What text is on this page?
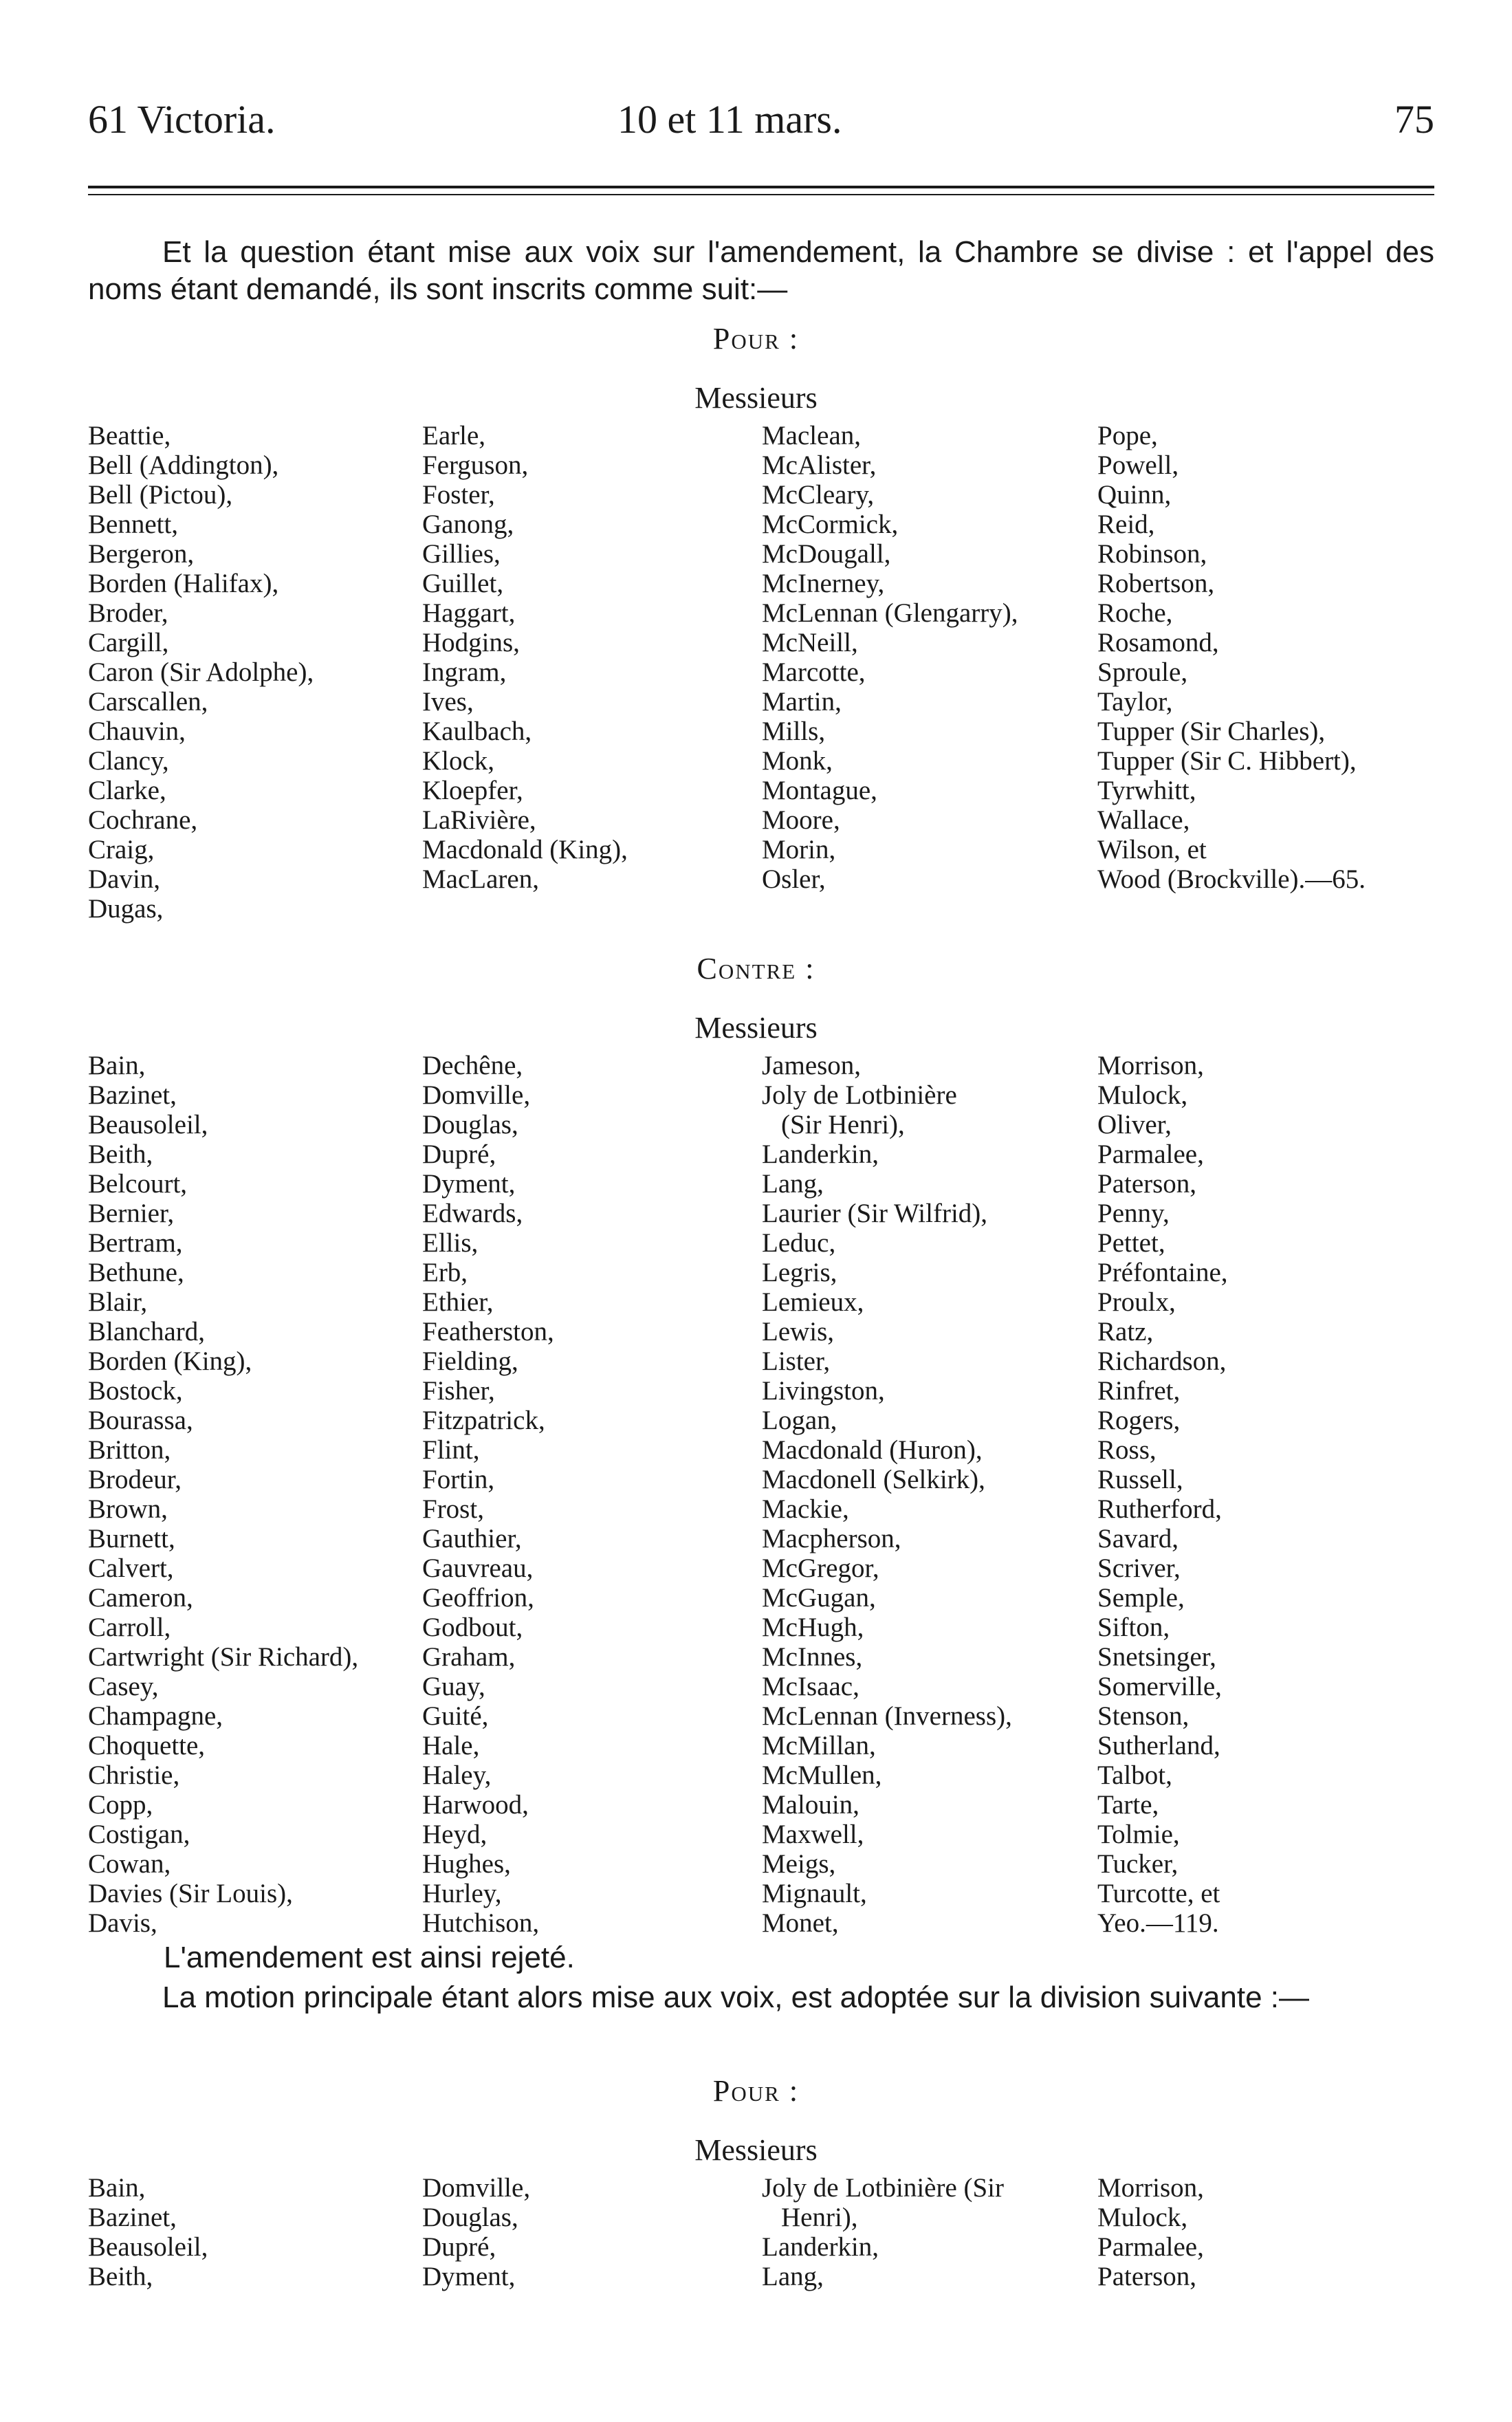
61 Victoria.	10 et 11 mars.	75
Et la question étant mise aux voix sur l'amendement, la Chambre se divise : et l'appel des noms étant demandé, ils sont inscrits comme suit:—
Pour :
Messieurs
Beattie,
Bell (Addington),
Bell (Pictou),
Bennett,
Bergeron,
Borden (Halifax),
Broder,
Cargill,
Caron (Sir Adolphe),
Carscallen,
Chauvin,
Clancy,
Clarke,
Cochrane,
Craig,
Davin,
Dugas,
Earle,
Ferguson,
Foster,
Ganong,
Gillies,
Guillet,
Haggart,
Hodgins,
Ingram,
Ives,
Kaulbach,
Klock,
Kloepfer,
LaRivière,
Macdonald (King),
MacLaren,
Maclean,
McAlister,
McCleary,
McCormick,
McDougall,
McInerney,
McLennan (Glengarry),
McNeill,
Marcotte,
Martin,
Mills,
Monk,
Montague,
Moore,
Morin,
Osler,
Pope,
Powell,
Quinn,
Reid,
Robinson,
Robertson,
Roche,
Rosamond,
Sproule,
Taylor,
Tupper (Sir Charles),
Tupper (Sir C. Hibbert),
Tyrwhitt,
Wallace,
Wilson, et
Wood (Brockville).—65.
Contre :
Messieurs
Bain,
Bazinet,
Beausoleil,
Beith,
Belcourt,
Bernier,
Bertram,
Bethune,
Blair,
Blanchard,
Borden (King),
Bostock,
Bourassa,
Britton,
Brodeur,
Brown,
Burnett,
Calvert,
Cameron,
Carroll,
Cartwright (Sir Richard),
Casey,
Champagne,
Choquette,
Christie,
Copp,
Costigan,
Cowan,
Davies (Sir Louis),
Davis,
Dechêne,
Domville,
Douglas,
Dupré,
Dyment,
Edwards,
Ellis,
Erb,
Ethier,
Featherston,
Fielding,
Fisher,
Fitzpatrick,
Flint,
Fortin,
Frost,
Gauthier,
Gauvreau,
Geoffrion,
Godbout,
Graham,
Guay,
Guité,
Hale,
Haley,
Harwood,
Heyd,
Hughes,
Hurley,
Hutchison,
Jameson,
Joly de Lotbinière
(Sir Henri),
Landerkin,
Lang,
Laurier (Sir Wilfrid),
Leduc,
Legris,
Lemieux,
Lewis,
Lister,
Livingston,
Logan,
Macdonald (Huron),
Macdonell (Selkirk),
Mackie,
Macpherson,
McGregor,
McGugan,
McHugh,
McInnes,
McIsaac,
McLennan (Inverness),
McMillan,
McMullen,
Malouin,
Maxwell,
Meigs,
Mignault,
Monet,
Morrison,
Mulock,
Oliver,
Parmalee,
Paterson,
Penny,
Pettet,
Préfontaine,
Proulx,
Ratz,
Richardson,
Rinfret,
Rogers,
Ross,
Russell,
Rutherford,
Savard,
Scriver,
Semple,
Sifton,
Snetsinger,
Somerville,
Stenson,
Sutherland,
Talbot,
Tarte,
Tolmie,
Tucker,
Turcotte, et
Yeo.—119.
L'amendement est ainsi rejeté.
La motion principale étant alors mise aux voix, est adoptée sur la division suivante :—
Pour :
Messieurs
Bain,
Bazinet,
Beausoleil,
Beith,
Domville,
Douglas,
Dupré,
Dyment,
Joly de Lotbinière (Sir
Henri),
Landerkin,
Lang,
Morrison,
Mulock,
Parmalee,
Paterson,
